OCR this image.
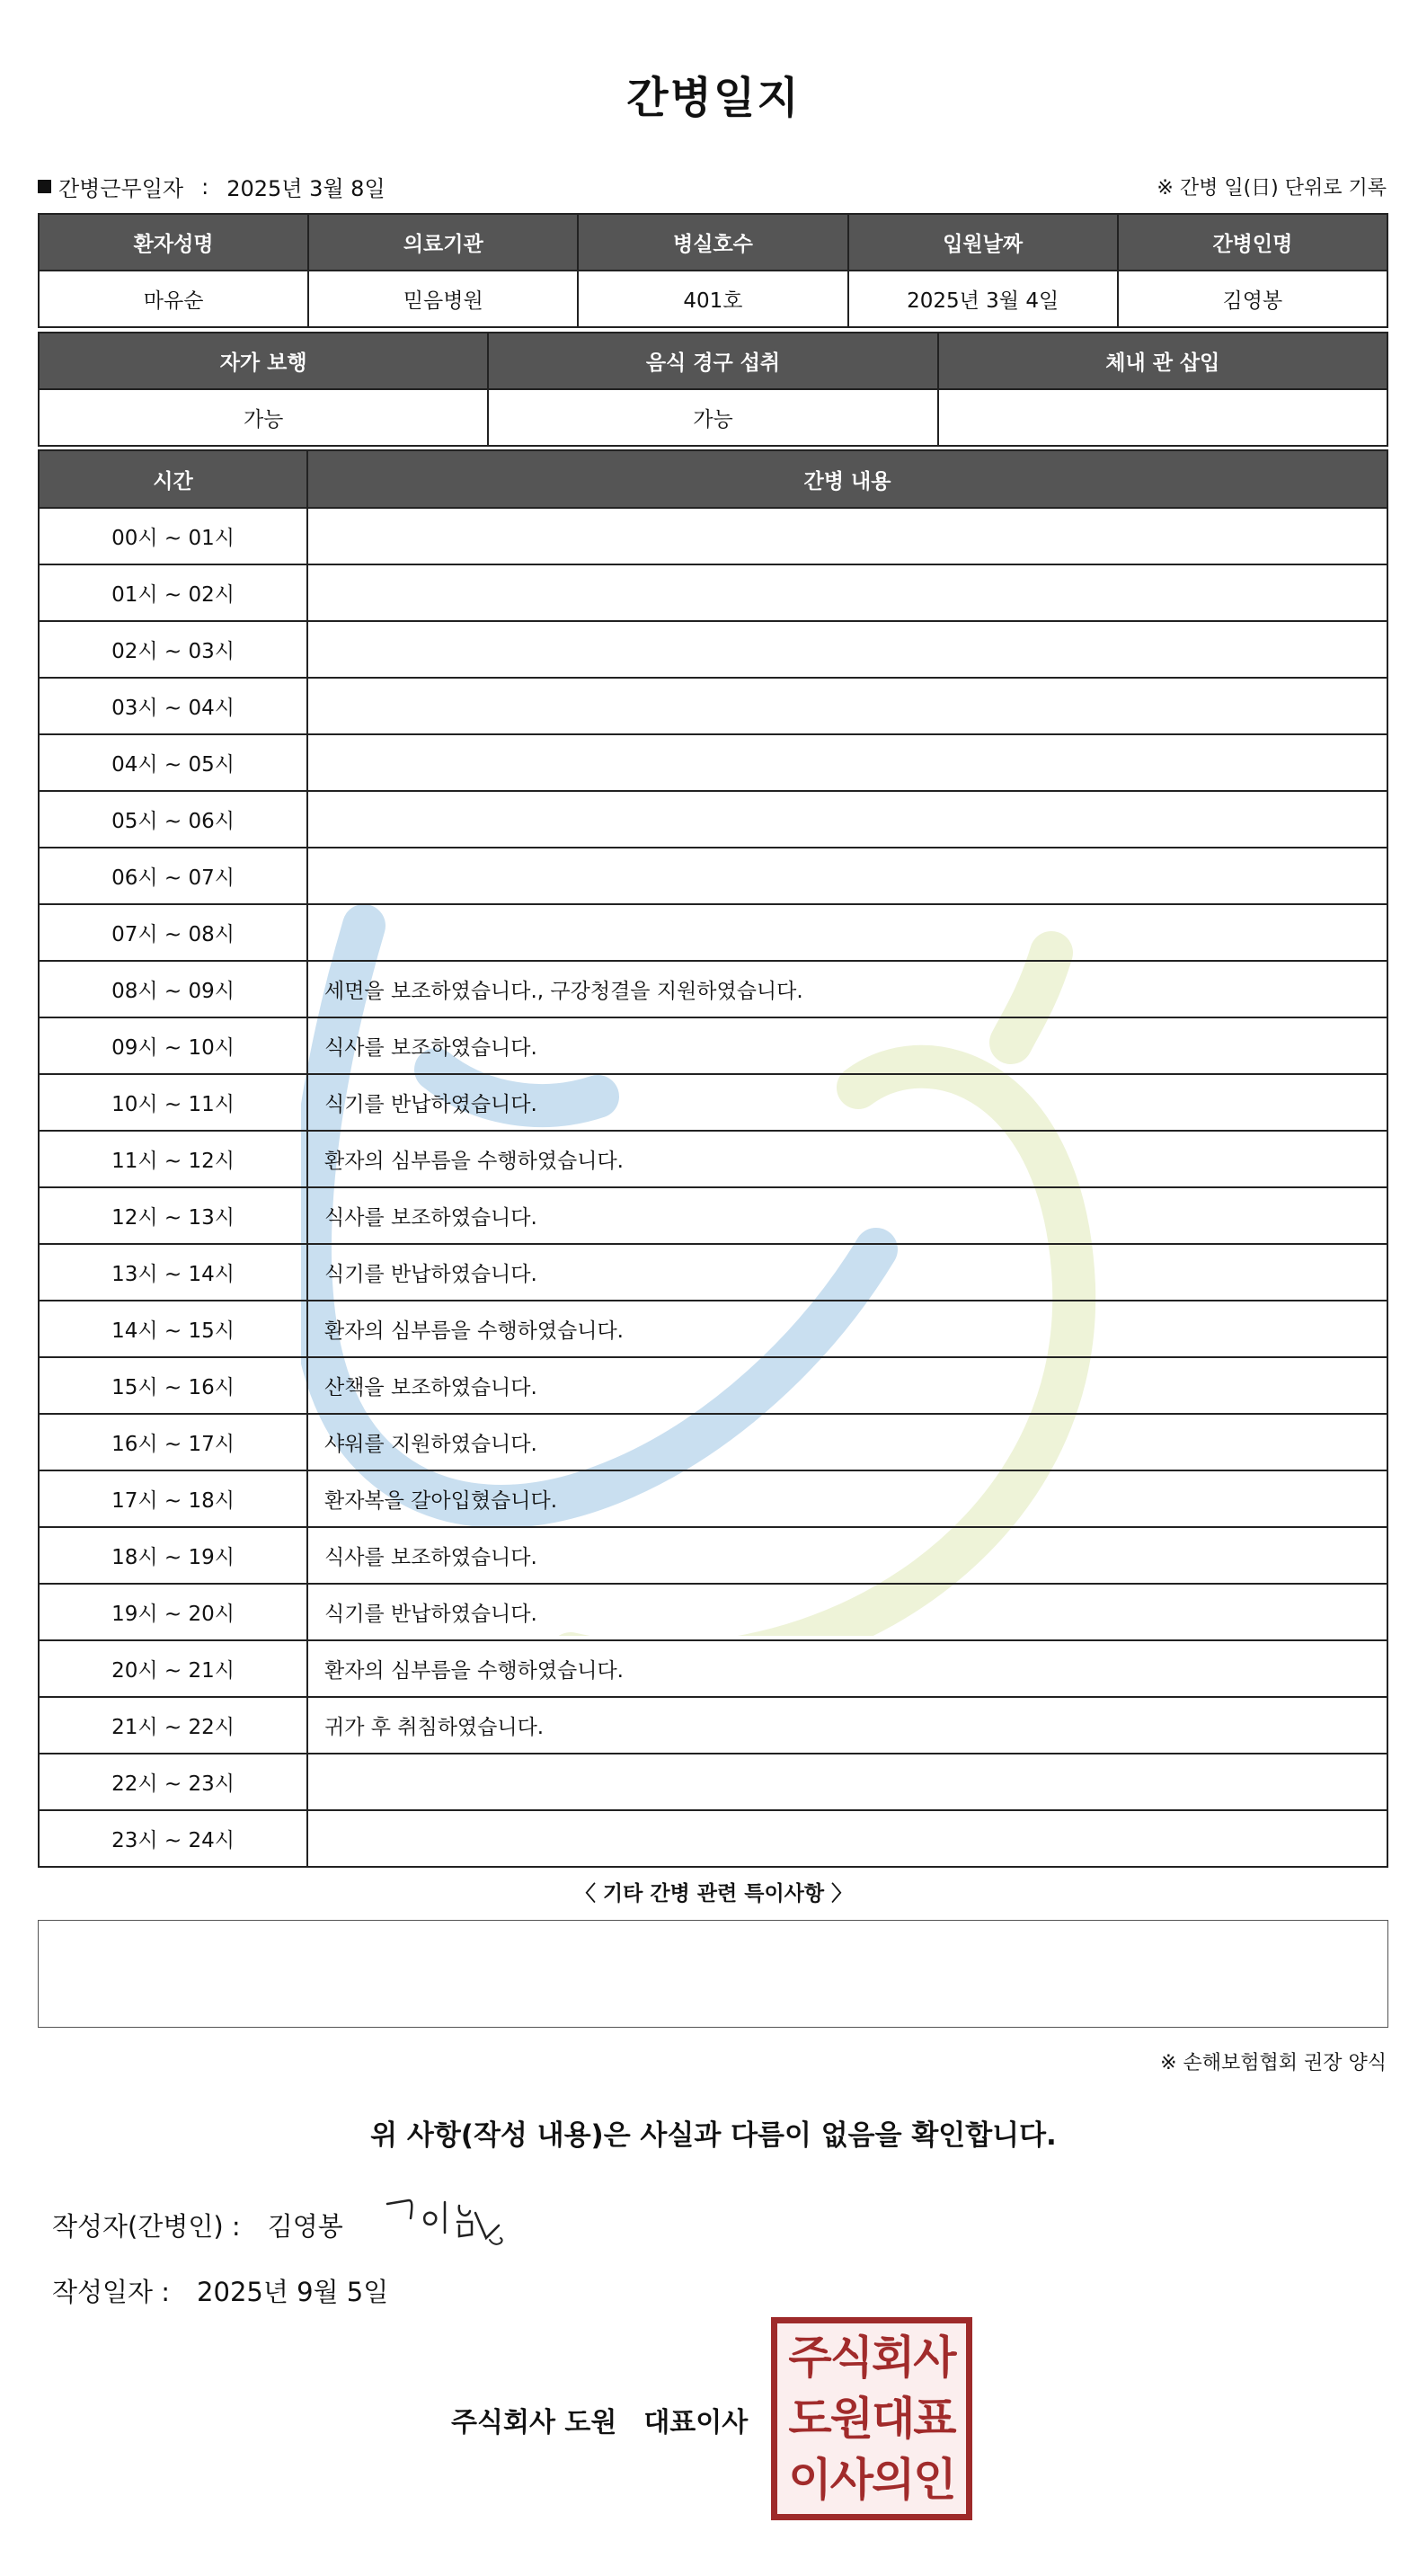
간병일지
간병근무일자 : 2025년 3월 8일	※ 간병 일(日) 단위로 기록
환자성명	의료기관	병실호수	입원날짜	간병인명
마유순	믿음병원	401호	2025년 3월 4일	김영봉
자가 보행	음식 경구 섭취	체내 관 삽입
가능	가능	
시간	간병 내용
00시 ~ 01시	
01시 ~ 02시	
02시 ~ 03시	
03시 ~ 04시	
04시 ~ 05시	
05시 ~ 06시	
06시 ~ 07시	
07시 ~ 08시	
08시 ~ 09시	세면을 보조하였습니다., 구강청결을 지원하였습니다.
09시 ~ 10시	식사를 보조하였습니다.
10시 ~ 11시	식기를 반납하였습니다.
11시 ~ 12시	환자의 심부름을 수행하였습니다.
12시 ~ 13시	식사를 보조하였습니다.
13시 ~ 14시	식기를 반납하였습니다.
14시 ~ 15시	환자의 심부름을 수행하였습니다.
15시 ~ 16시	산책을 보조하였습니다.
16시 ~ 17시	샤워를 지원하였습니다.
17시 ~ 18시	환자복을 갈아입혔습니다.
18시 ~ 19시	식사를 보조하였습니다.
19시 ~ 20시	식기를 반납하였습니다.
20시 ~ 21시	환자의 심부름을 수행하였습니다.
21시 ~ 22시	귀가 후 취침하였습니다.
22시 ~ 23시	
23시 ~ 24시	
〈 기타 간병 관련 특이사항 〉
※ 손해보험협회 권장 양식
위 사항(작성 내용)은 사실과 다름이 없음을 확인합니다.
작성자(간병인) : 김영봉
작성일자 : 2025년 9월 5일
주식회사 도원 대표이사
주식회사
도원대표
이사의인
